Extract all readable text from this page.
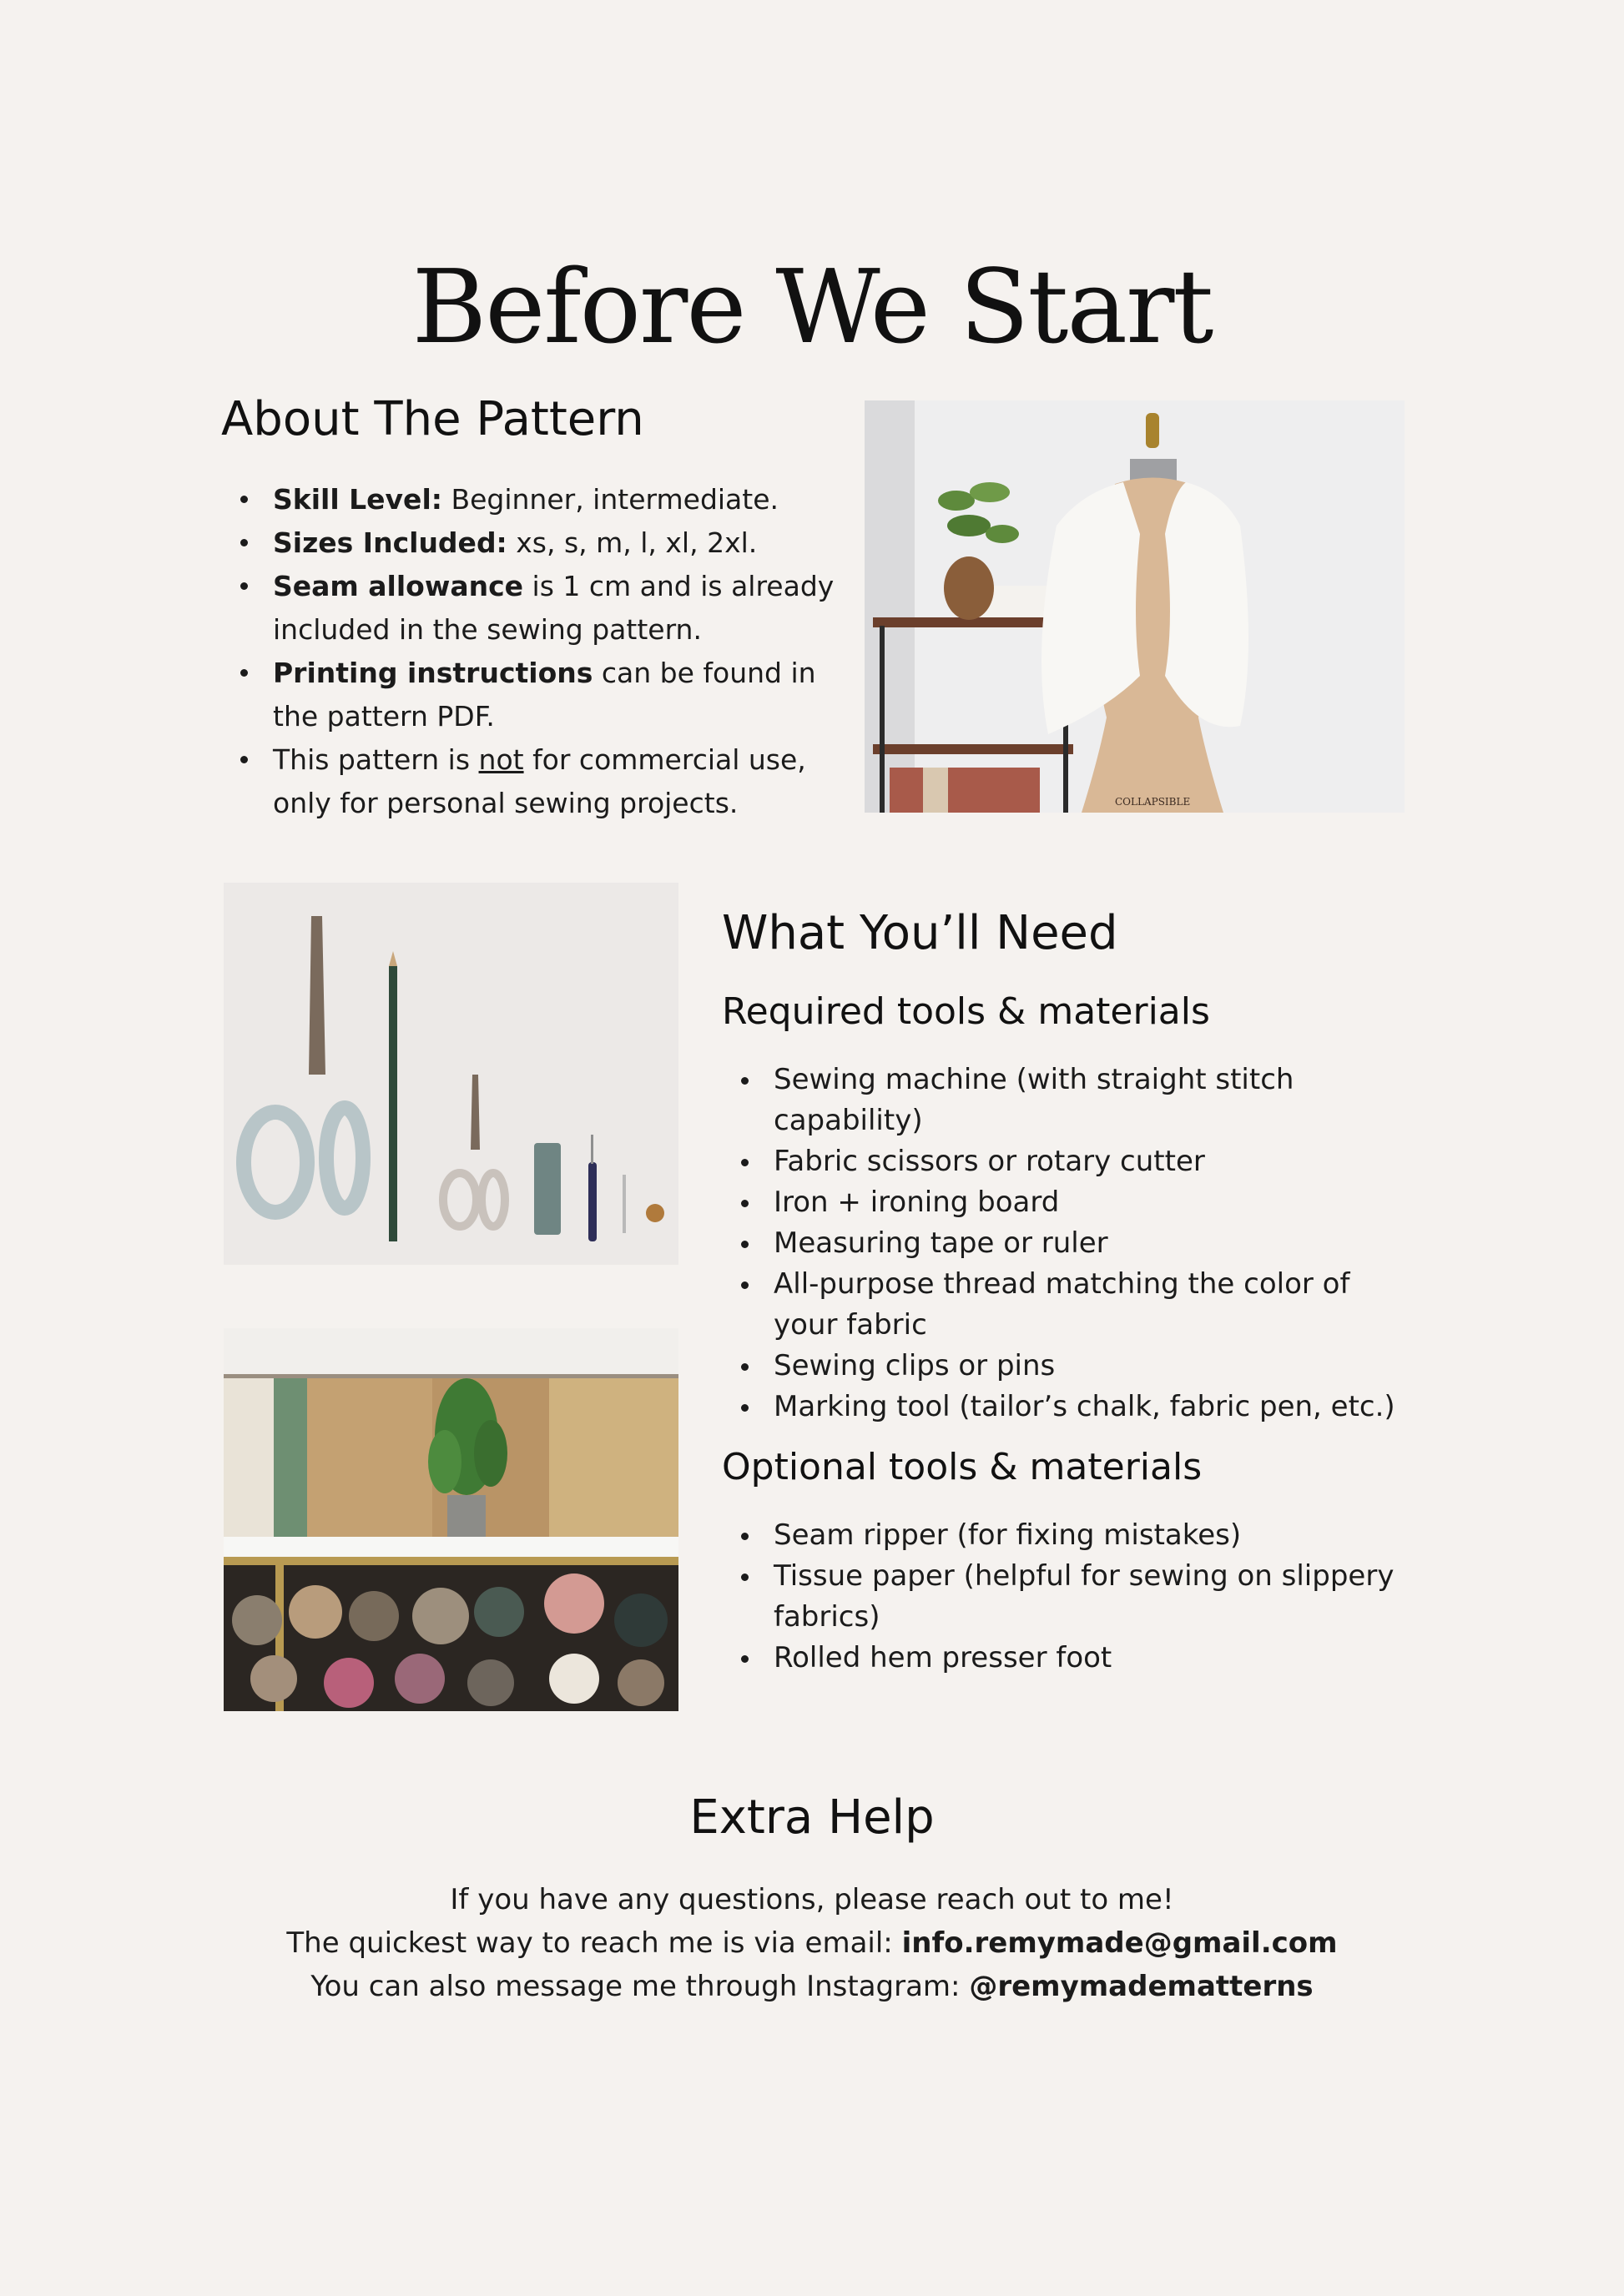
Before We Start
About The Pattern
Skill Level: Beginner, intermediate.
Sizes Included: xs, s, m, l, xl, 2xl.
Seam allowance is 1 cm and is already included in the sewing pattern.
Printing instructions can be found in the pattern PDF.
This pattern is not for commercial use, only for personal sewing projects.	COLLAPSIBLE
What You’ll Need
Required tools & materials
Sewing machine (with straight stitch capability)
Fabric scissors or rotary cutter
Iron + ironing board
Measuring tape or ruler
All-purpose thread matching the color of your fabric
Sewing clips or pins
Marking tool (tailor’s chalk, fabric pen, etc.)
Optional tools & materials
Seam ripper (for fixing mistakes)
Tissue paper (helpful for sewing on slippery fabrics)
Rolled hem presser foot
Extra Help

If you have any questions, please reach out to me!

The quickest way to reach me is via email: info.remymade@gmail.com

You can also message me through Instagram: @remymadematterns
